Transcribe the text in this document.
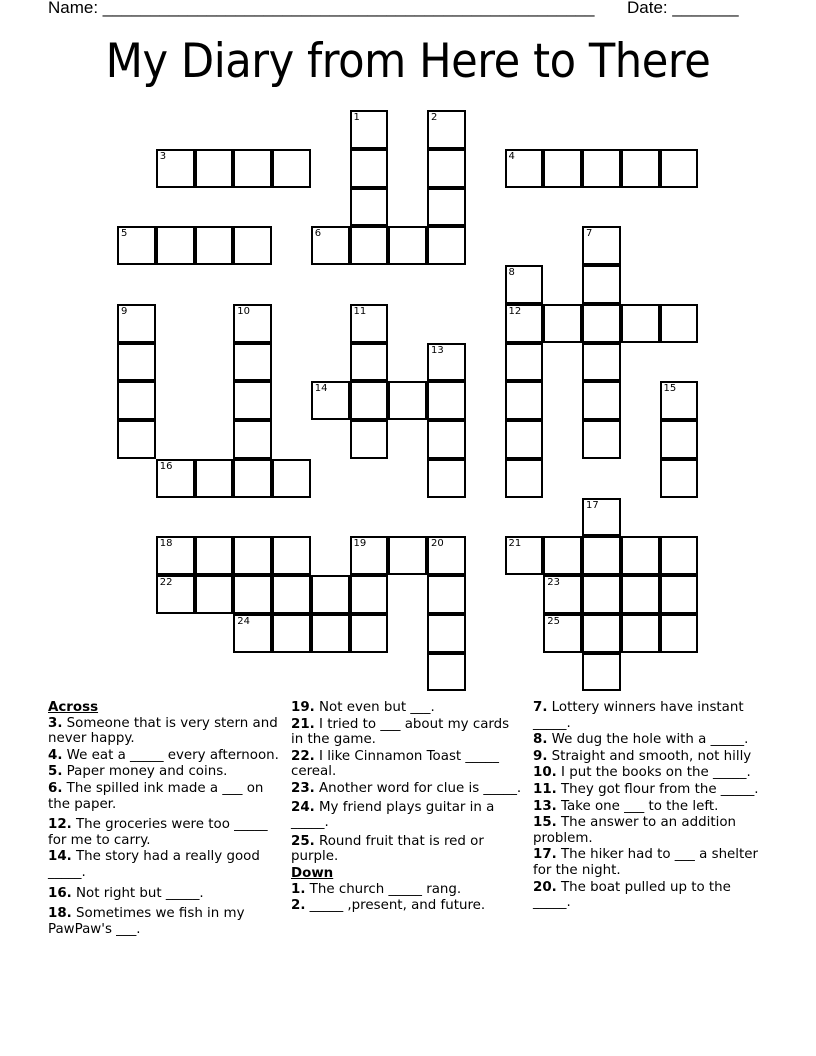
Name: ____________________________________________________ Date: _______
My Diary from Here to There
1	2
3	4
5	6	7
8
12
9	10	11
13
14	15
16
17
18	19	20	21
22	23
24	25
Across
3. Someone that is very stern and never happy.
4. We eat a _____ every afternoon.
5. Paper money and coins.
6. The spilled ink made a ___ on the paper.
12. The groceries were too _____ for me to carry.
14. The story had a really good _____.
16. Not right but _____.
18. Sometimes we fish in my PawPaw's ___.
19. Not even but ___.
21. I tried to ___ about my cards in the game.
22. I like Cinnamon Toast _____ cereal.
23. Another word for clue is _____.
24. My friend plays guitar in a _____.
25. Round fruit that is red or purple.
Down
1. The church _____ rang.
2. _____ ,present, and future.
7. Lottery winners have instant _____.
8. We dug the hole with a _____.
9. Straight and smooth, not hilly
10. I put the books on the _____.
11. They got flour from the _____.
13. Take one ___ to the left.
15. The answer to an addition problem.
17. The hiker had to ___ a shelter for the night.
20. The boat pulled up to the _____.
